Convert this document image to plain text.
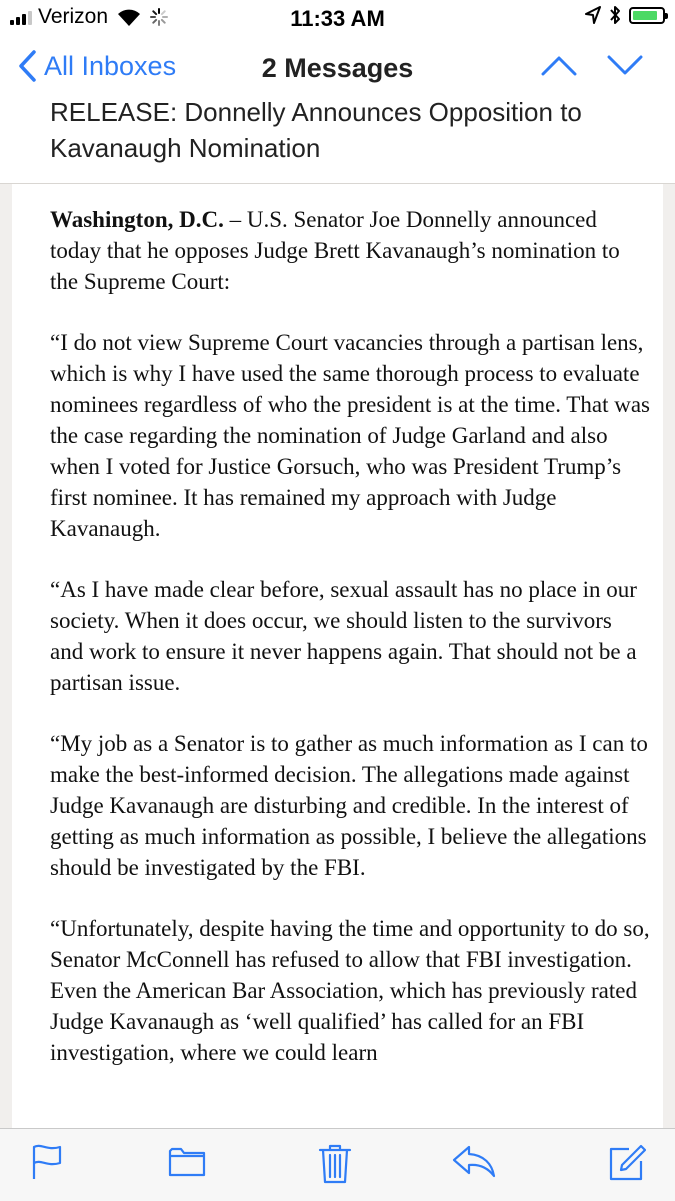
Verizon	11:33 AM
All Inboxes	2 Messages
RELEASE: Donnelly Announces Opposition to Kavanaugh Nomination

Washington, D.C. – U.S. Senator Joe Donnelly announced today that he opposes Judge Brett Kavanaugh’s nomination to the Supreme Court:

“I do not view Supreme Court vacancies through a partisan lens, which is why I have used the same thorough process to evaluate nominees regardless of who the president is at the time. That was the case regarding the nomination of Judge Garland and also when I voted for Justice Gorsuch, who was President Trump’s first nominee. It has remained my approach with Judge Kavanaugh.

“As I have made clear before, sexual assault has no place in our society. When it does occur, we should listen to the survivors and work to ensure it never happens again. That should not be a partisan issue.

“My job as a Senator is to gather as much information as I can to make the best-informed decision. The allegations made against Judge Kavanaugh are disturbing and credible. In the interest of getting as much information as possible, I believe the allegations should be investigated by the FBI.

“Unfortunately, despite having the time and opportunity to do so, Senator McConnell has refused to allow that FBI investigation. Even the American Bar Association, which has previously rated Judge Kavanaugh as ‘well qualified’ has called for an FBI investigation, where we could learn
